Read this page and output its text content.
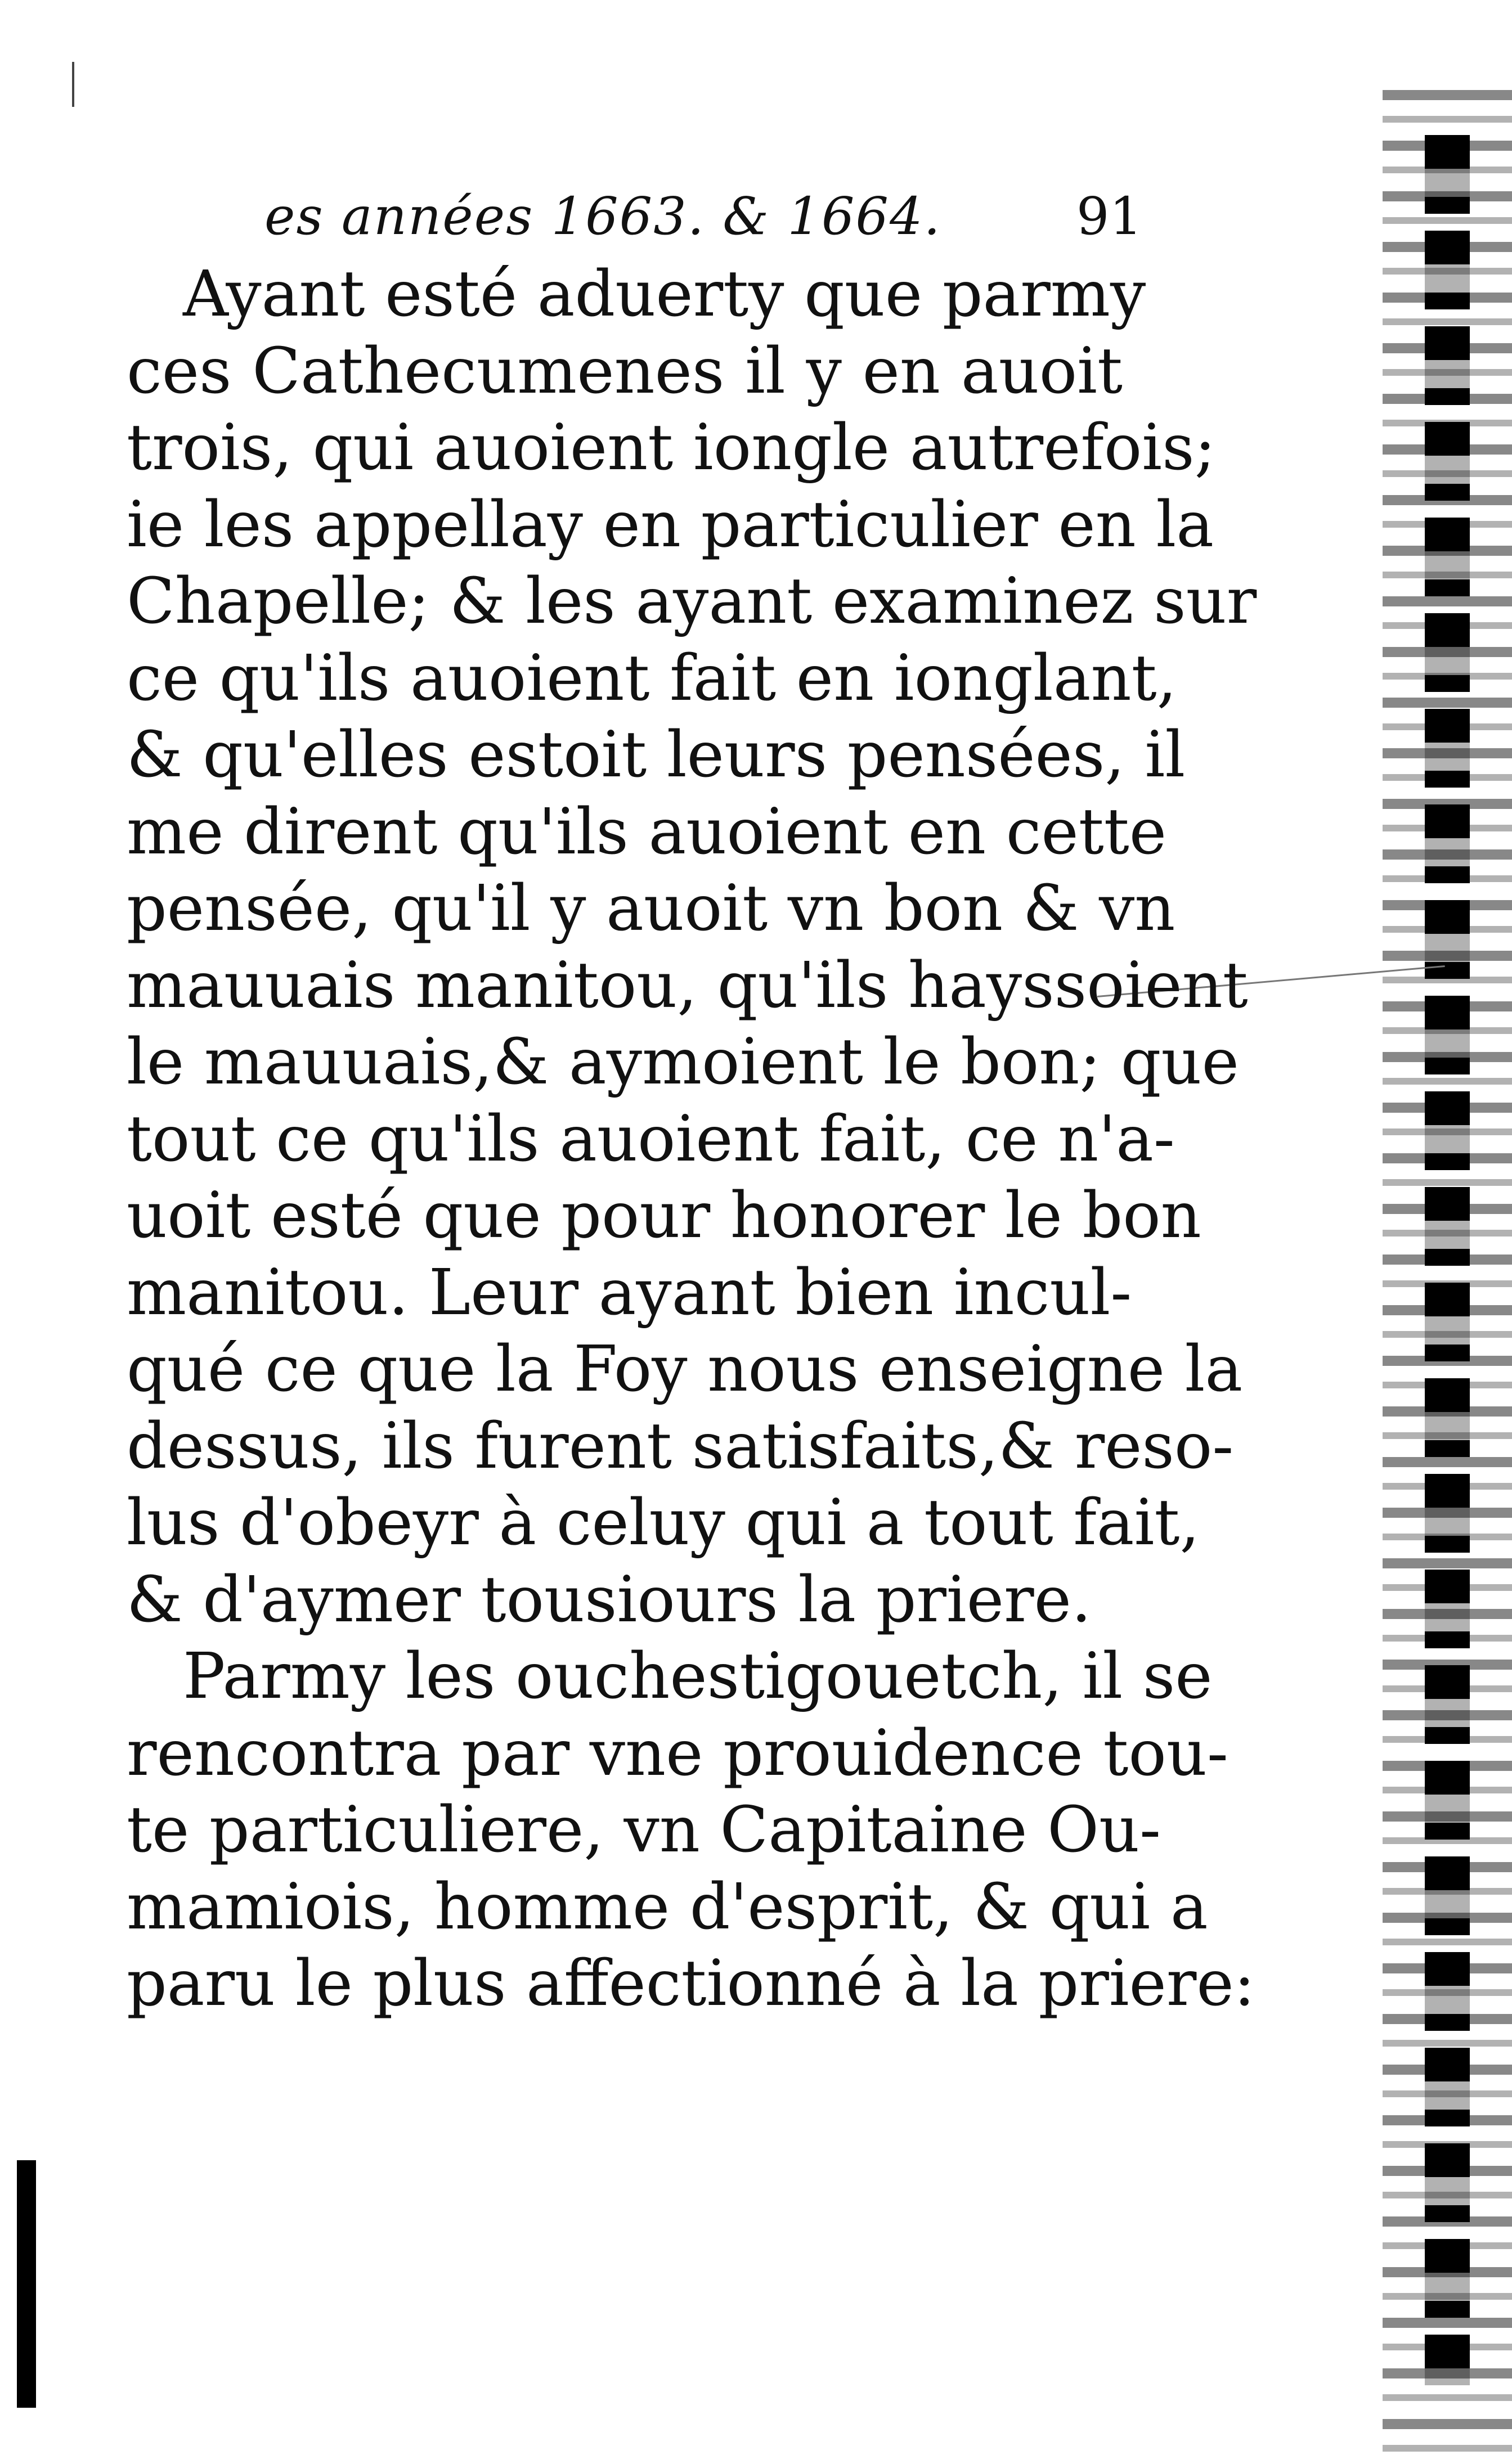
es années 1663. & 1664.	91
Ayant esté aduerty que parmy
ces Cathecumenes il y en auoit
trois, qui auoient iongle autrefois;
ie les appellay en particulier en la
Chapelle; & les ayant examinez sur
ce qu'ils auoient fait en ionglant,
& qu'elles estoit leurs pensées, il
me dirent qu'ils auoient en cette
pensée, qu'il y auoit vn bon & vn
mauuais manitou, qu'ils hayssoient
le mauuais,& aymoient le bon; que
tout ce qu'ils auoient fait, ce n'a-
uoit esté que pour honorer le bon
manitou. Leur ayant bien incul-
qué ce que la Foy nous enseigne la
dessus, ils furent satisfaits,& reso-
lus d'obeyr à celuy qui a tout fait,
& d'aymer tousiours la priere.
Parmy les ouchestigouetch, il se
rencontra par vne prouidence tou-
te particuliere, vn Capitaine Ou-
mamiois, homme d'esprit, & qui a
paru le plus affectionné à la priere:
